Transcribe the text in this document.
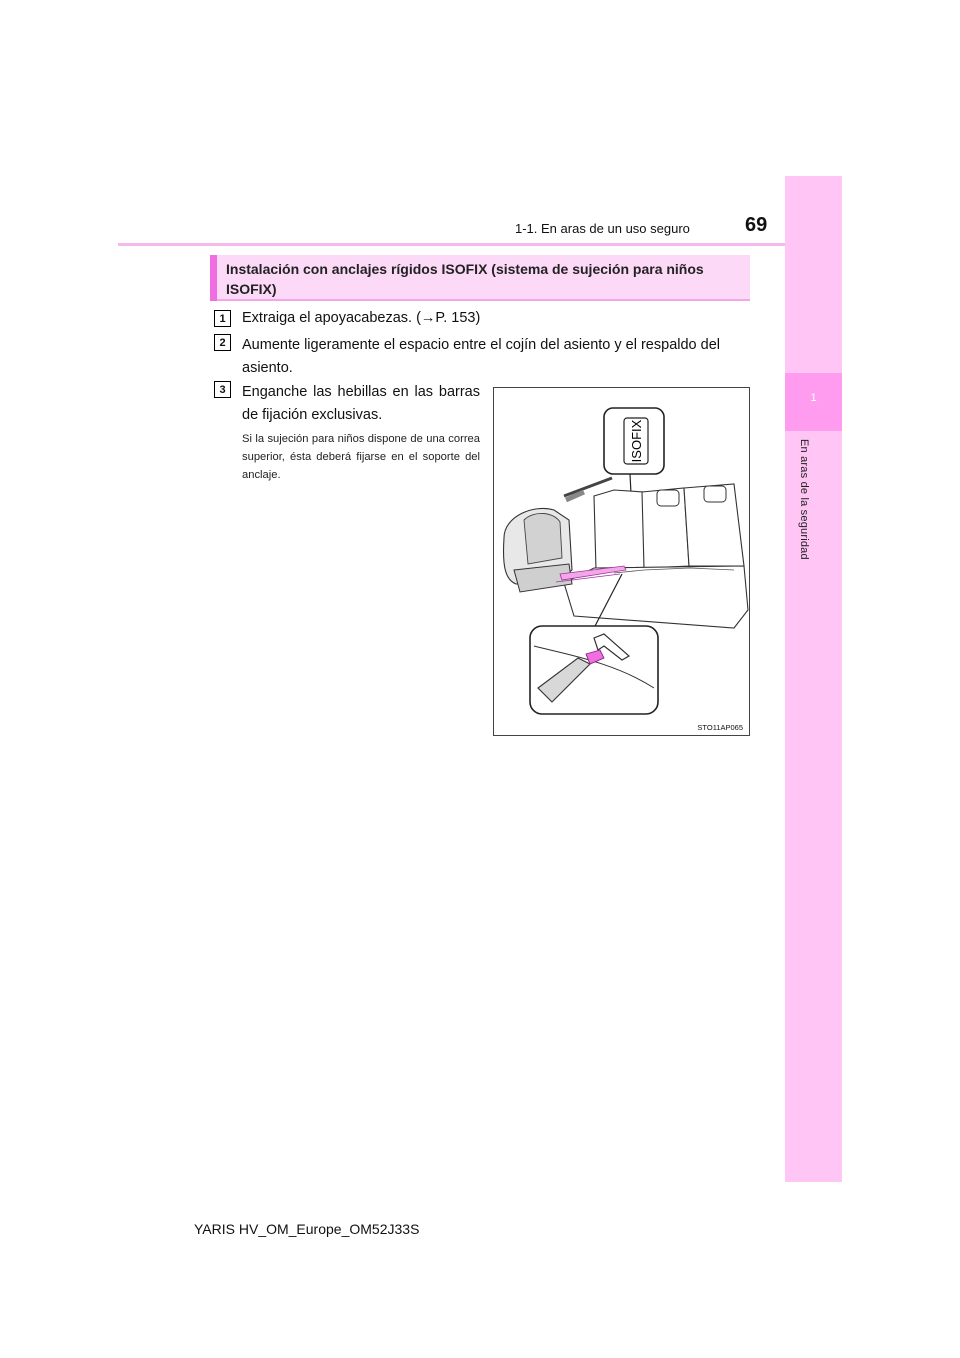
1-1. En aras de un uso seguro	69
1
En aras de la seguridad
Instalación con anclajes rígidos ISOFIX (sistema de sujeción para niños ISOFIX)
1	Extraiga el apoyacabezas. (→P. 153)
2	Aumente ligeramente el espacio entre el cojín del asiento y el respaldo del asiento.
3	Enganche las hebillas en las barras de fijación exclusivas.
Si la sujeción para niños dispone de una correa superior, ésta deberá fijarse en el soporte del anclaje.
ISOFIX
STO11AP065
YARIS HV_OM_Europe_OM52J33S
